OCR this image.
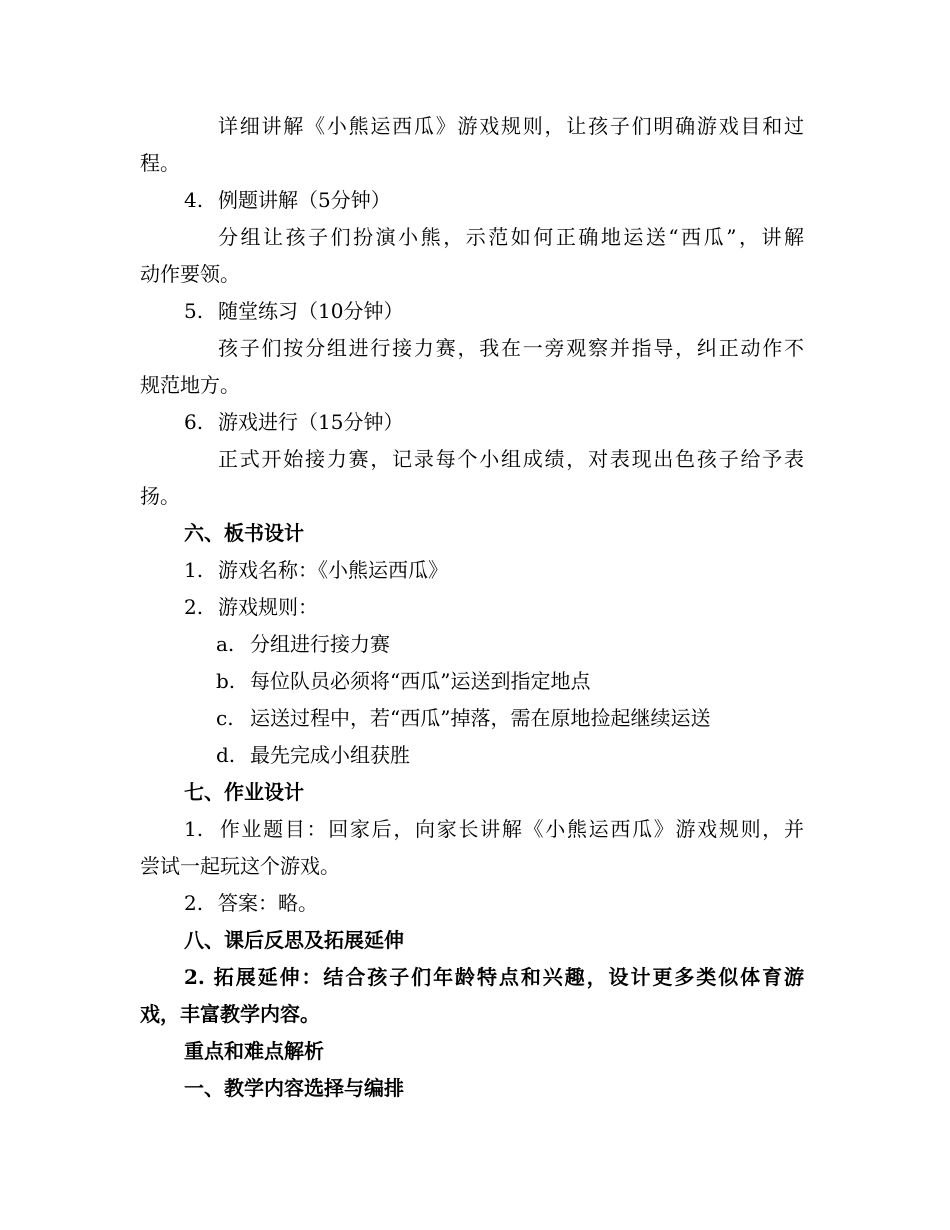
详细讲解《小熊运西瓜》游戏规则，让孩子们明确游戏目和过
程。
4. 例题讲解（5分钟）
分组让孩子们扮演小熊，示范如何正确地运送“西瓜”，讲解
动作要领。
5. 随堂练习（10分钟）
孩子们按分组进行接力赛，我在一旁观察并指导，纠正动作不
规范地方。
6. 游戏进行（15分钟）
正式开始接力赛，记录每个小组成绩，对表现出色孩子给予表
扬。
六、板书设计
1. 游戏名称：《小熊运西瓜》
2. 游戏规则：
a. 分组进行接力赛
b. 每位队员必须将“西瓜”运送到指定地点
c. 运送过程中，若“西瓜”掉落，需在原地捡起继续运送
d. 最先完成小组获胜
七、作业设计
1. 作业题目：回家后，向家长讲解《小熊运西瓜》游戏规则，并
尝试一起玩这个游戏。
2. 答案：略。
八、课后反思及拓展延伸
2. 拓展延伸：结合孩子们年龄特点和兴趣，设计更多类似体育游
戏，丰富教学内容。
重点和难点解析
一、教学内容选择与编排
